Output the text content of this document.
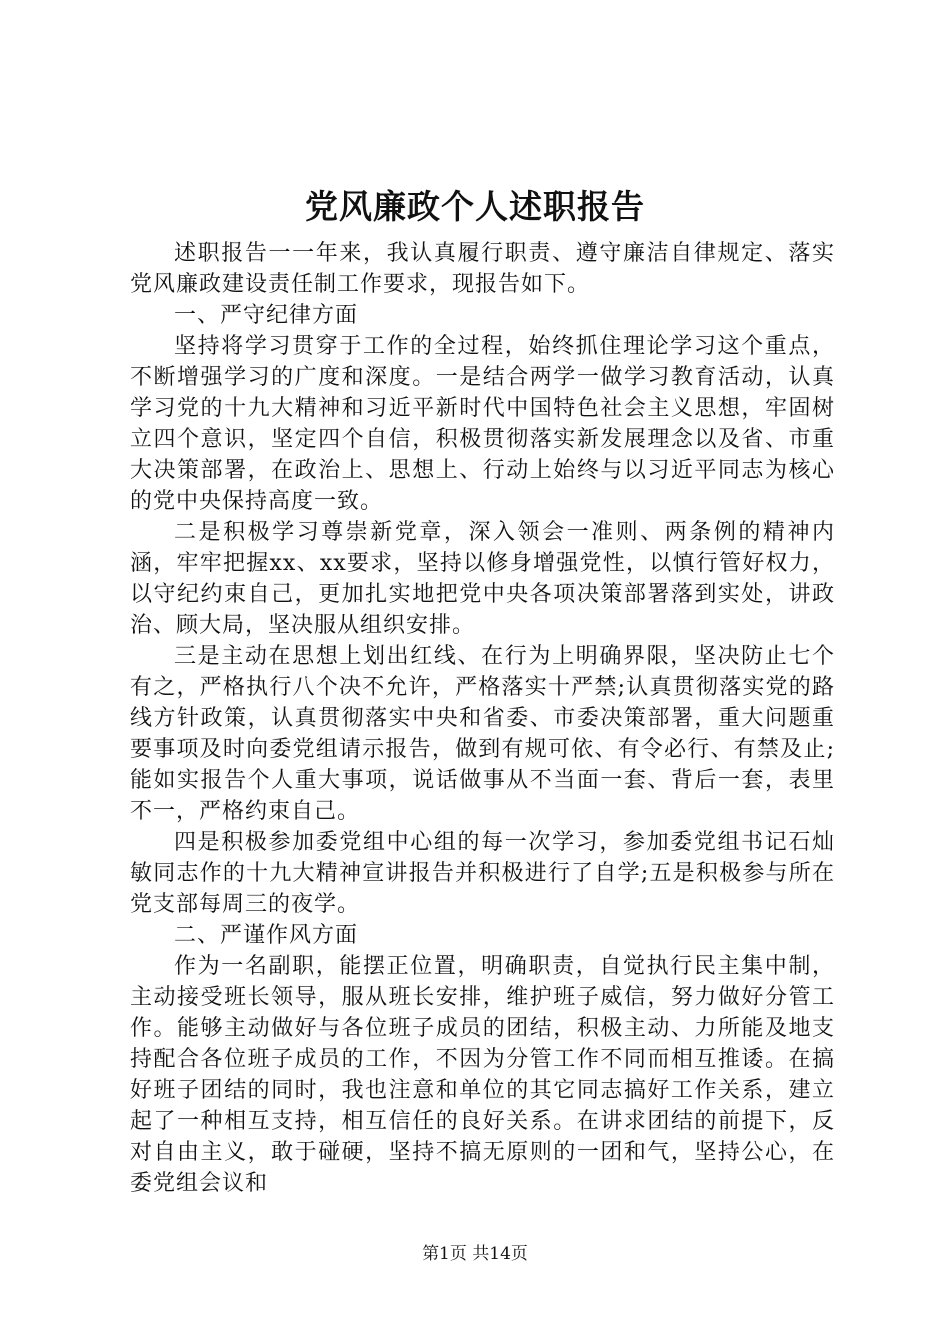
党风廉政个人述职报告

述职报告一一年来，我认真履行职责、遵守廉洁自律规定、落实党风廉政建设责任制工作要求，现报告如下。

一、严守纪律方面

坚持将学习贯穿于工作的全过程，始终抓住理论学习这个重点，不断增强学习的广度和深度。一是结合两学一做学习教育活动，认真学习党的十九大精神和习近平新时代中国特色社会主义思想，牢固树立四个意识，坚定四个自信，积极贯彻落实新发展理念以及省、市重大决策部署，在政治上、思想上、行动上始终与以习近平同志为核心的党中央保持高度一致。

二是积极学习尊崇新党章，深入领会一准则、两条例的精神内涵，牢牢把握xx、xx要求，坚持以修身增强党性，以慎行管好权力，以守纪约束自己，更加扎实地把党中央各项决策部署落到实处，讲政治、顾大局，坚决服从组织安排。

三是主动在思想上划出红线、在行为上明确界限，坚决防止七个有之，严格执行八个决不允许，严格落实十严禁;认真贯彻落实党的路线方针政策，认真贯彻落实中央和省委、市委决策部署，重大问题重要事项及时向委党组请示报告，做到有规可依、有令必行、有禁及止;能如实报告个人重大事项，说话做事从不当面一套、背后一套，表里不一，严格约束自己。

四是积极参加委党组中心组的每一次学习，参加委党组书记石灿敏同志作的十九大精神宣讲报告并积极进行了自学;五是积极参与所在党支部每周三的夜学。

二、严谨作风方面

作为一名副职，能摆正位置，明确职责，自觉执行民主集中制，主动接受班长领导，服从班长安排，维护班子威信，努力做好分管工作。能够主动做好与各位班子成员的团结，积极主动、力所能及地支持配合各位班子成员的工作，不因为分管工作不同而相互推诿。在搞好班子团结的同时，我也注意和单位的其它同志搞好工作关系，建立起了一种相互支持，相互信任的良好关系。在讲求团结的前提下，反对自由主义，敢于碰硬，坚持不搞无原则的一团和气，坚持公心，在委党组会议和

第1页 共14页
